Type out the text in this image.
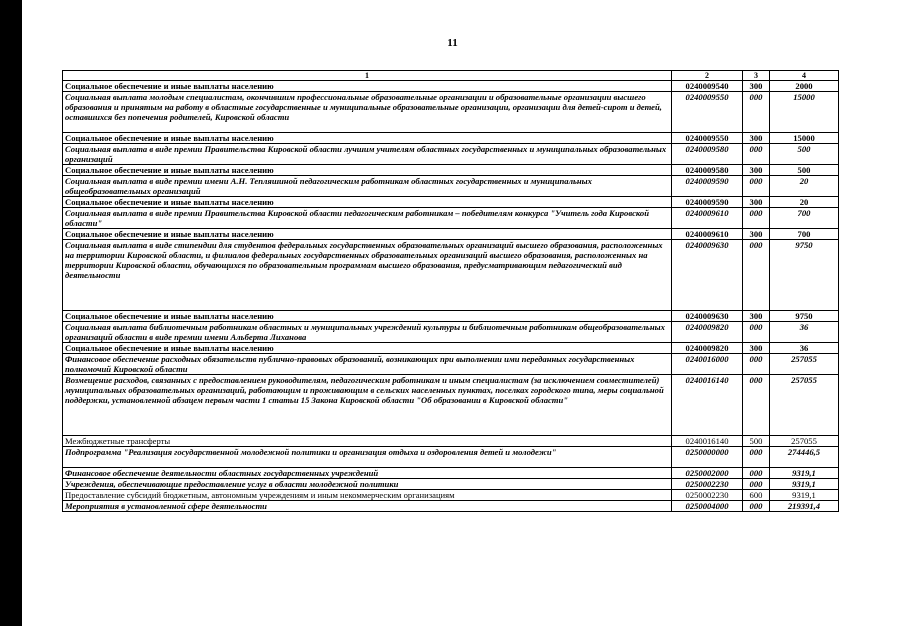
11
1	2	3	4
Социальное обеспечение и иные выплаты населению	0240009540	300	2000
Социальная выплата молодым специалистам, окончившим профессиональные образовательные организации и образовательные организации высшего образования и принятым на работу в областные государственные и муниципальные образовательные организации, организации для детей-сирот и детей, оставшихся без попечения родителей, Кировской области	0240009550	000	15000
Социальное обеспечение и иные выплаты населению	0240009550	300	15000
Социальная выплата в виде премии Правительства Кировской области лучшим учителям областных государственных и муниципальных образовательных организаций	0240009580	000	500
Социальное обеспечение и иные выплаты населению	0240009580	300	500
Социальная выплата в виде премии имени А.Н. Тепляшиной педагогическим работникам областных государственных и муниципальных общеобразовательных организаций	0240009590	000	20
Социальное обеспечение и иные выплаты населению	0240009590	300	20
Социальная выплата в виде премии Правительства Кировской области педагогическим работникам – победителям конкурса "Учитель года Кировской области"	0240009610	000	700
Социальное обеспечение и иные выплаты населению	0240009610	300	700
Социальная выплата в виде стипендии для студентов федеральных государственных образовательных организаций высшего образования, расположенных на территории Кировской области, и филиалов федеральных государственных образовательных организаций высшего образования, расположенных на территории Кировской области, обучающихся по образовательным программам высшего образования, предусматривающим педагогический вид деятельности	0240009630	000	9750
Социальное обеспечение и иные выплаты населению	0240009630	300	9750
Социальная выплата библиотечным работникам областных и муниципальных учреждений культуры и библиотечным работникам общеобразовательных организаций области в виде премии имени Альберта Лиханова	0240009820	000	36
Социальное обеспечение и иные выплаты населению	0240009820	300	36
Финансовое обеспечение расходных обязательств публично-правовых образований, возникающих при выполнении ими переданных государственных полномочий Кировской области	0240016000	000	257055
Возмещение расходов, связанных с предоставлением руководителям, педагогическим работникам и иным специалистам (за исключением совместителей) муниципальных образовательных организаций, работающим и проживающим в сельских населенных пунктах, поселках городского типа, меры социальной поддержки, установленной абзацем первым части 1 статьи 15 Закона Кировской области "Об образовании в Кировской области"	0240016140	000	257055
Межбюджетные трансферты	0240016140	500	257055
Подпрограмма "Реализация государственной молодежной политики и организация отдыха и оздоровления детей и молодежи"	0250000000	000	274446,5
Финансовое обеспечение деятельности областных государственных учреждений	0250002000	000	9319,1
Учреждения, обеспечивающие предоставление услуг в области молодежной политики	0250002230	000	9319,1
Предоставление субсидий бюджетным, автономным учреждениям и иным некоммерческим организациям	0250002230	600	9319,1
Мероприятия в установленной сфере деятельности	0250004000	000	219391,4
